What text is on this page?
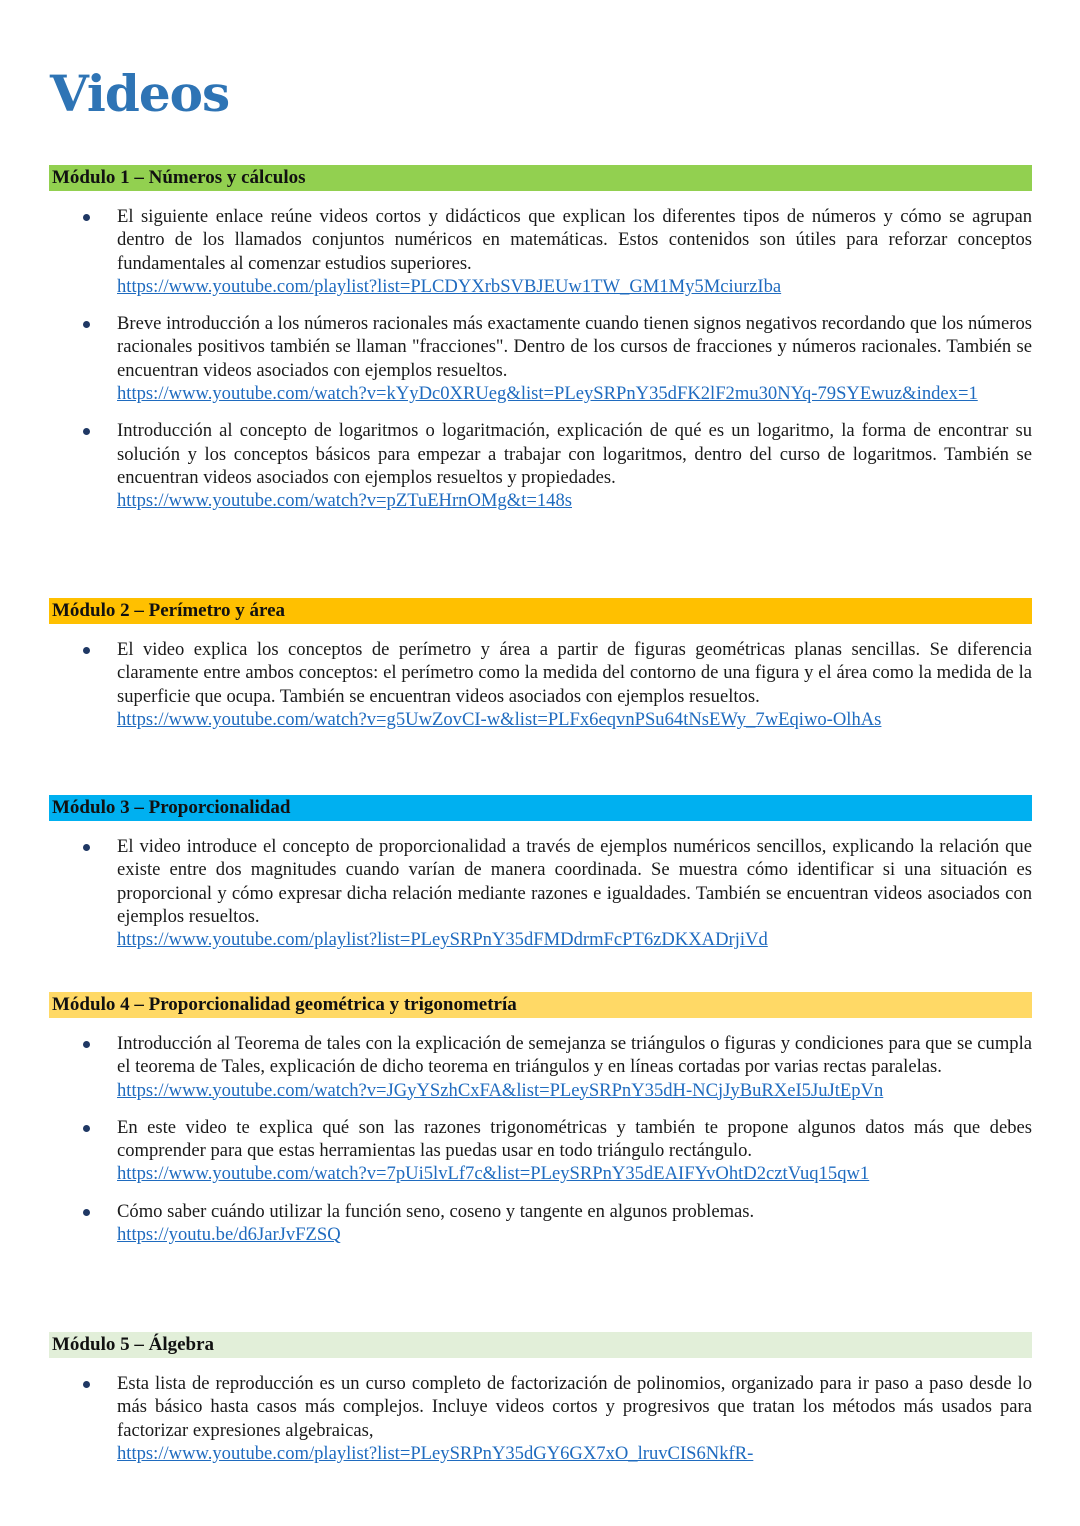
Videos
Módulo 1 – Números y cálculos
El siguiente enlace reúne videos cortos y didácticos que explican los diferentes tipos de números y cómo se agrupan dentro de los llamados conjuntos numéricos en matemáticas. Estos contenidos son útiles para reforzar conceptos fundamentales al comenzar estudios superiores.
https://www.youtube.com/playlist?list=PLCDYXrbSVBJEUw1TW_GM1My5MciurzIba
Breve introducción a los números racionales más exactamente cuando tienen signos negativos recordando que los números racionales positivos también se llaman "fracciones". Dentro de los cursos de fracciones y números racionales. También se encuentran videos asociados con ejemplos resueltos.
https://www.youtube.com/watch?v=kYyDc0XRUeg&list=PLeySRPnY35dFK2lF2mu30NYq-79SYEwuz&index=1
Introducción al concepto de logaritmos o logaritmación, explicación de qué es un logaritmo, la forma de encontrar su solución y los conceptos básicos para empezar a trabajar con logaritmos, dentro del curso de logaritmos. También se encuentran videos asociados con ejemplos resueltos y propiedades.
https://www.youtube.com/watch?v=pZTuEHrnOMg&t=148s
Módulo 2 – Perímetro y área
El video explica los conceptos de perímetro y área a partir de figuras geométricas planas sencillas. Se diferencia claramente entre ambos conceptos: el perímetro como la medida del contorno de una figura y el área como la medida de la superficie que ocupa. También se encuentran videos asociados con ejemplos resueltos.
https://www.youtube.com/watch?v=g5UwZovCI-w&list=PLFx6eqvnPSu64tNsEWy_7wEqiwo-OlhAs
Módulo 3 – Proporcionalidad
El video introduce el concepto de proporcionalidad a través de ejemplos numéricos sencillos, explicando la relación que existe entre dos magnitudes cuando varían de manera coordinada. Se muestra cómo identificar si una situación es proporcional y cómo expresar dicha relación mediante razones e igualdades. También se encuentran videos asociados con ejemplos resueltos.
https://www.youtube.com/playlist?list=PLeySRPnY35dFMDdrmFcPT6zDKXADrjiVd
Módulo 4 – Proporcionalidad geométrica y trigonometría
Introducción al Teorema de tales con la explicación de semejanza se triángulos o figuras y condiciones para que se cumpla el teorema de Tales, explicación de dicho teorema en triángulos y en líneas cortadas por varias rectas paralelas.
https://www.youtube.com/watch?v=JGyYSzhCxFA&list=PLeySRPnY35dH-NCjJyBuRXeI5JuJtEpVn
En este video te explica qué son las razones trigonométricas y también te propone algunos datos más que debes comprender para que estas herramientas las puedas usar en todo triángulo rectángulo.
https://www.youtube.com/watch?v=7pUi5lvLf7c&list=PLeySRPnY35dEAIFYvOhtD2cztVuq15qw1
Cómo saber cuándo utilizar la función seno, coseno y tangente en algunos problemas.
https://youtu.be/d6JarJvFZSQ
Módulo 5 – Álgebra
Esta lista de reproducción es un curso completo de factorización de polinomios, organizado para ir paso a paso desde lo más básico hasta casos más complejos. Incluye videos cortos y progresivos que tratan los métodos más usados para factorizar expresiones algebraicas,
https://www.youtube.com/playlist?list=PLeySRPnY35dGY6GX7xO_lruvCIS6NkfR-
